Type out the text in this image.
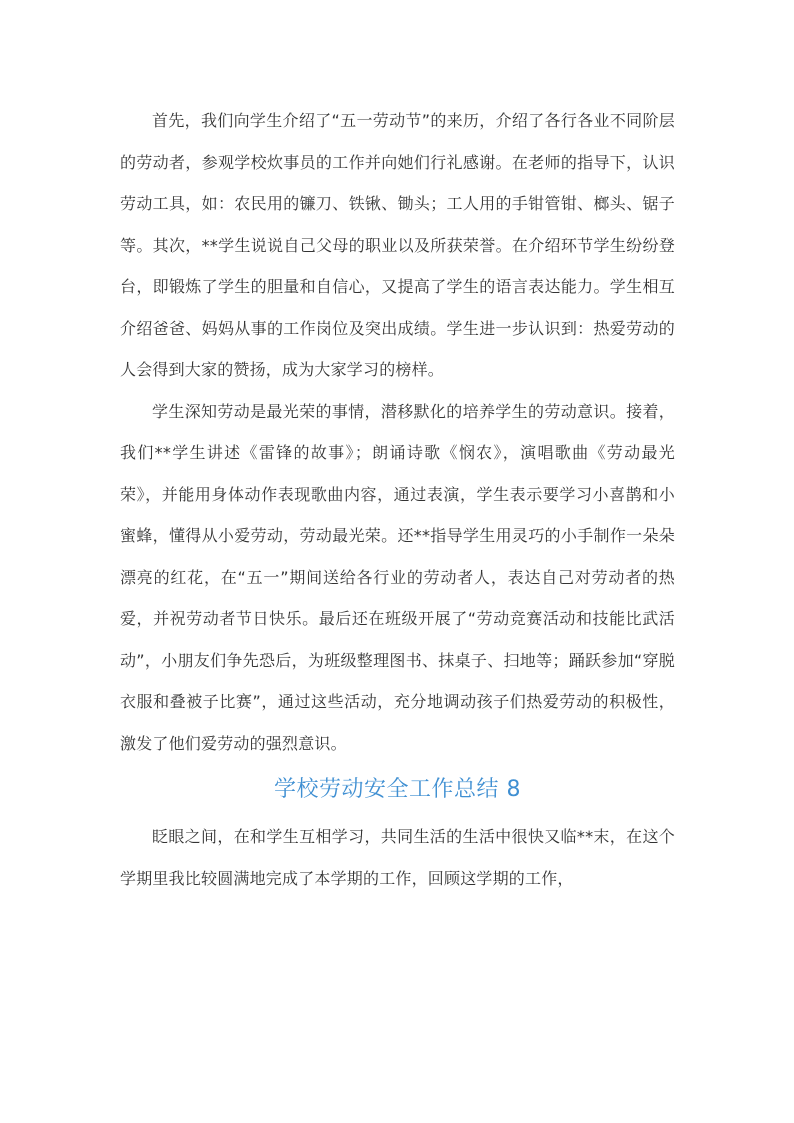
首先，我们向学生介绍了“五一劳动节”的来历，介绍了各行各业不同阶层的劳动者，参观学校炊事员的工作并向她们行礼感谢。在老师的指导下，认识劳动工具，如：农民用的镰刀、铁锹、锄头；工人用的手钳管钳、榔头、锯子等。其次，**学生说说自己父母的职业以及所获荣誉。在介绍环节学生纷纷登台，即锻炼了学生的胆量和自信心，又提高了学生的语言表达能力。学生相互介绍爸爸、妈妈从事的工作岗位及突出成绩。学生进一步认识到：热爱劳动的人会得到大家的赞扬，成为大家学习的榜样。

学生深知劳动是最光荣的事情，潜移默化的培养学生的劳动意识。接着，我们**学生讲述《雷锋的故事》；朗诵诗歌《悯农》，演唱歌曲《劳动最光荣》，并能用身体动作表现歌曲内容，通过表演，学生表示要学习小喜鹊和小蜜蜂，懂得从小爱劳动，劳动最光荣。还**指导学生用灵巧的小手制作一朵朵漂亮的红花，在“五一”期间送给各行业的劳动者人，表达自己对劳动者的热爱，并祝劳动者节日快乐。最后还在班级开展了“劳动竞赛活动和技能比武活动”，小朋友们争先恐后，为班级整理图书、抹桌子、扫地等；踊跃参加“穿脱衣服和叠被子比赛”，通过这些活动，充分地调动孩子们热爱劳动的积极性，激发了他们爱劳动的强烈意识。

学校劳动安全工作总结 8

眨眼之间，在和学生互相学习，共同生活的生活中很快又临**末，在这个学期里我比较圆满地完成了本学期的工作，回顾这学期的工作，
